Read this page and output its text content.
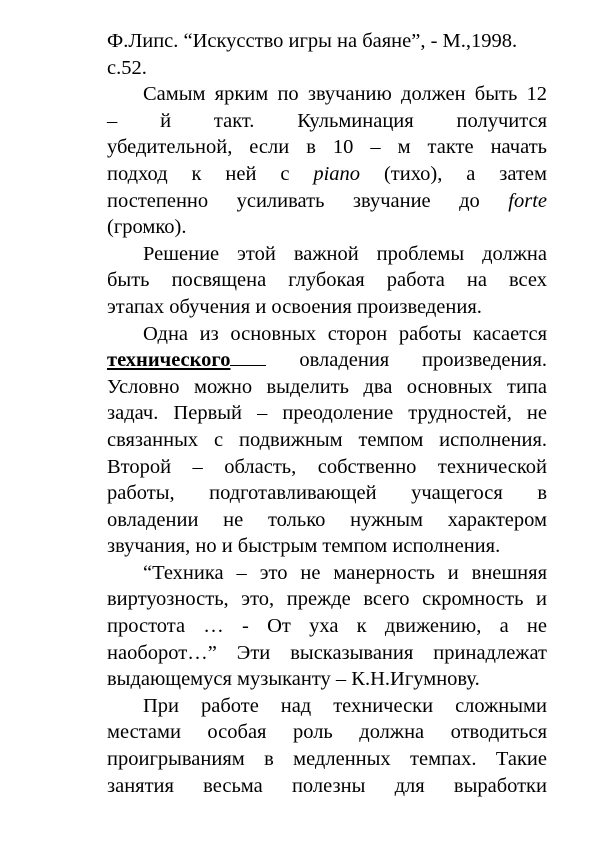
Ф.Липс. “Искусство игры на баяне”, - М.,1998.
с.52.
Самым ярким по звучанию должен быть 12
– й такт. Кульминация получится
убедительной, если в 10 – м такте начать
подход к ней с piano (тихо), а затем
постепенно усиливать звучание до forte
(громко).
Решение этой важной проблемы должна
быть посвящена глубокая работа на всех
этапах обучения и освоения произведения.
Одна из основных сторон работы касается
технического	овладения произведения.
Условно можно выделить два основных типа
задач. Первый – преодоление трудностей, не
связанных с подвижным темпом исполнения.
Второй – область, собственно технической
работы, подготавливающей учащегося в
овладении не только нужным характером
звучания, но и быстрым темпом исполнения.
“Техника – это не манерность и внешняя
виртуозность, это, прежде всего скромность и
простота … - От уха к движению, а не
наоборот…” Эти высказывания принадлежат
выдающемуся музыканту – К.Н.Игумнову.
При работе над технически сложными
местами особая роль должна отводиться
проигрываниям в медленных темпах. Такие
занятия весьма полезны для выработки
